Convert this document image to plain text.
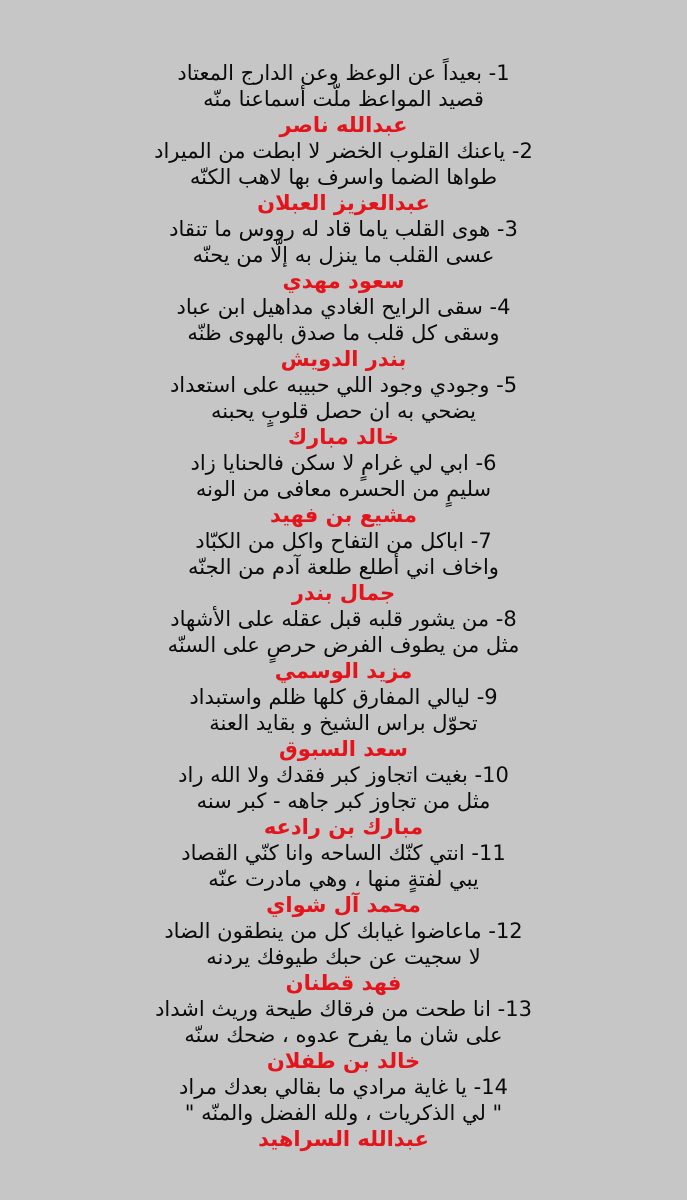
1- بعيداً عن الوعظ وعن الدارج المعتاد
قصيد المواعظ ملّت أسماعنا منّه
عبدالله ناصر
2- ياعنك القلوب الخضر لا ابطت من الميراد
طواها الضما واسرف بها لاهب الكنّه
عبدالعزيز العبلان
3- هوى القلب ياما قاد له رووس ما تنقاد
عسى القلب ما ينزل به إلّا من يحنّه
سعود مهدي
4- سقى الرايح الغادي مداهيل ابن عباد
وسقى كل قلب ما صدق بالهوى ظنّه
بندر الدويش
5- وجودي وجود اللي حبيبه على استعداد
يضحي به ان حصل قلوبٍ يحبنه
خالد مبارك
6- ابي لي غرامٍ لا سكن فالحنايا زاد
سليمٍ من الحسره معافى من الونه
مشيع بن فهيد
7- اباكل من التفاح واكل من الكبّاد
واخاف اني أطلع طلعة آدم من الجنّه
جمال بندر
8- من يشور قلبه قبل عقله على الأشهاد
مثل من يطوف الفرض حرصٍ على السنّه
مزيد الوسمي
9- ليالي المفارق كلها ظلم واستبداد
تحوّل براس الشيخ و بقايد العنة
سعد السبوق
10- بغيت اتجاوز كبر فقدك ولا الله راد
مثل من تجاوز كبر جاهه - كبر سنه
مبارك بن رادعه
11- انتي كنّك الساحه وانا كنّي القصاد
يبي لفتةٍ منها ، وهي مادرت عنّه
محمد آل شواي
12- ماعاضوا غيابك كل من ينطقون الضاد
لا سجيت عن حبك طيوفك يردنه
فهد قطنان
13- انا طحت من فرقاك طيحة وريث اشداد
على شان ما يفرح عدوه ، ضحك سنّه
خالد بن طفلان
14- يا غاية مرادي ما بقالي بعدك مراد
" لي الذكريات ، ولله الفضل والمنّه "
عبدالله السراهيد
